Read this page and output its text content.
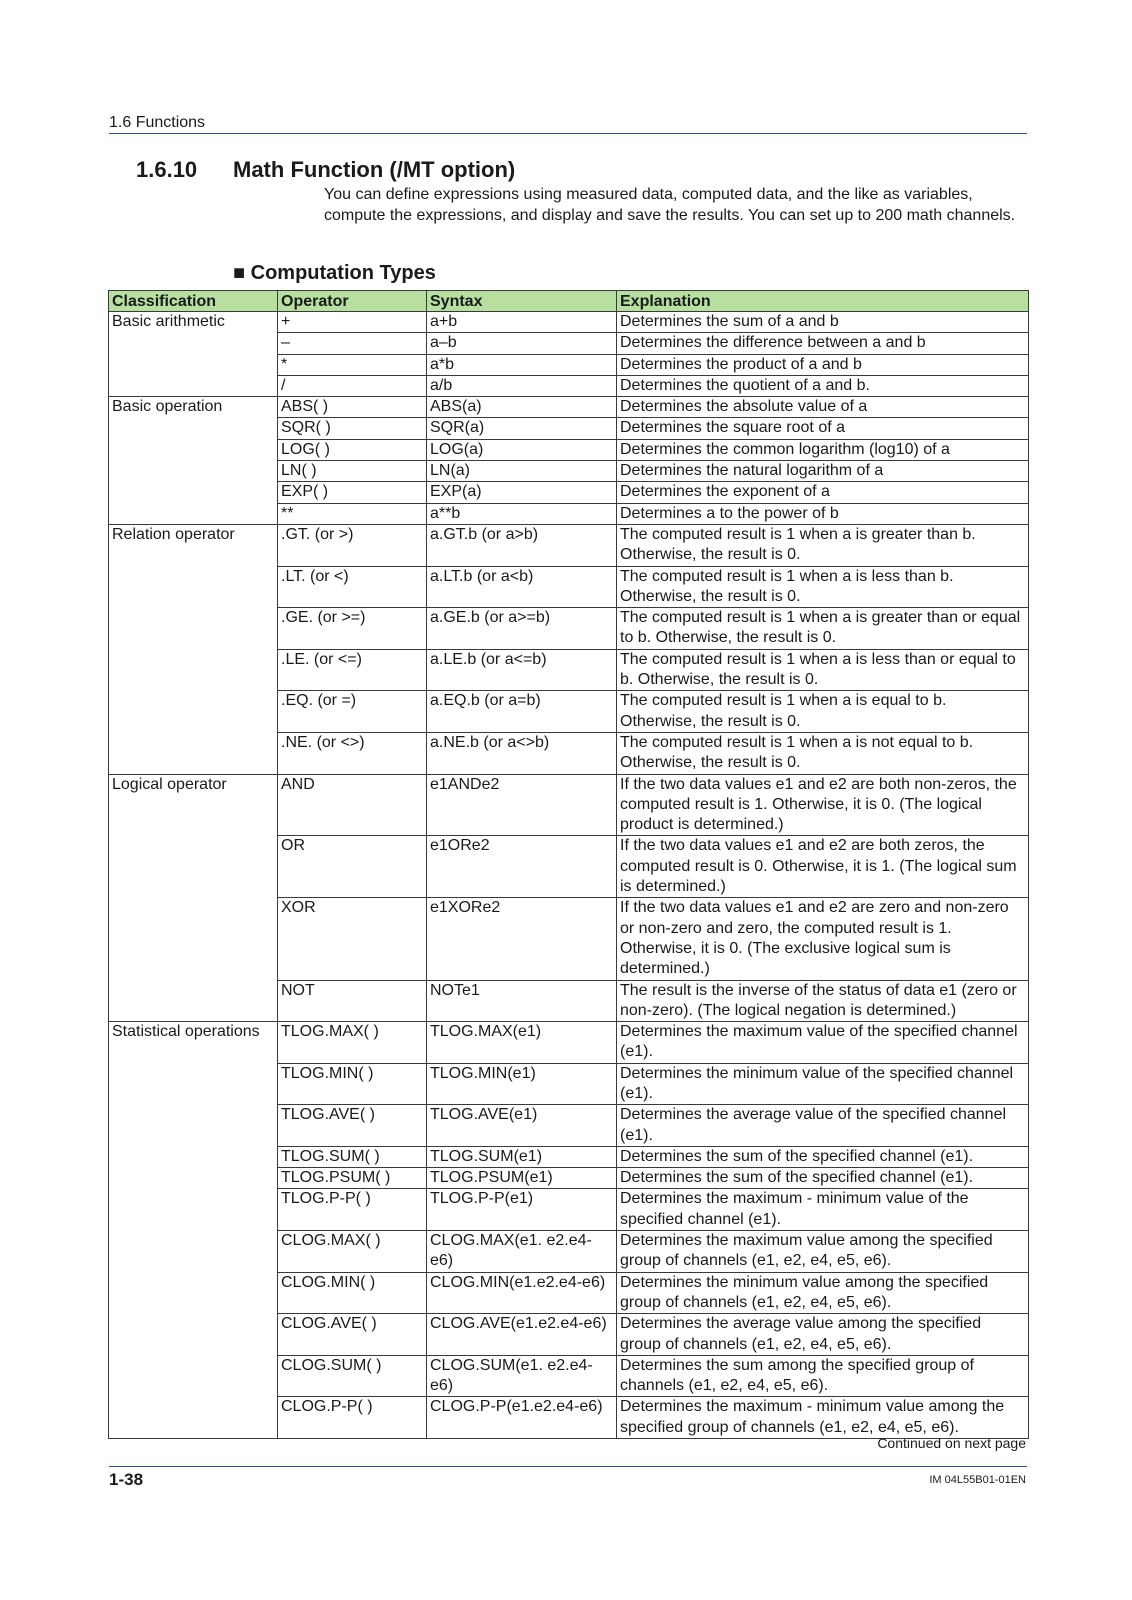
1.6 Functions
1.6.10 Math Function (/MT option)
You can define expressions using measured data, computed data, and the like as variables, compute the expressions, and display and save the results. You can set up to 200 math channels.
■ Computation Types
Classification	Operator	Syntax	Explanation
Basic arithmetic	+	a+b	Determines the sum of a and b
	–	a–b	Determines the difference between a and b
	*	a*b	Determines the product of a and b
	/	a/b	Determines the quotient of a and b.
Basic operation	ABS( )	ABS(a)	Determines the absolute value of a
	SQR( )	SQR(a)	Determines the square root of a
	LOG( )	LOG(a)	Determines the common logarithm (log10) of a
	LN( )	LN(a)	Determines the natural logarithm of a
	EXP( )	EXP(a)	Determines the exponent of a
	**	a**b	Determines a to the power of b
Relation operator	.GT. (or >)	a.GT.b (or a>b)	The computed result is 1 when a is greater than b. Otherwise, the result is 0.
	.LT. (or <)	a.LT.b (or a<b)	The computed result is 1 when a is less than b. Otherwise, the result is 0.
	.GE. (or >=)	a.GE.b (or a>=b)	The computed result is 1 when a is greater than or equal to b. Otherwise, the result is 0.
	.LE. (or <=)	a.LE.b (or a<=b)	The computed result is 1 when a is less than or equal to b. Otherwise, the result is 0.
	.EQ. (or =)	a.EQ.b (or a=b)	The computed result is 1 when a is equal to b. Otherwise, the result is 0.
	.NE. (or <>)	a.NE.b (or a<>b)	The computed result is 1 when a is not equal to b. Otherwise, the result is 0.
Logical operator	AND	e1ANDe2	If the two data values e1 and e2 are both non-zeros, the computed result is 1. Otherwise, it is 0. (The logical product is determined.)
	OR	e1ORe2	If the two data values e1 and e2 are both zeros, the computed result is 0. Otherwise, it is 1. (The logical sum is determined.)
	XOR	e1XORe2	If the two data values e1 and e2 are zero and non-zero or non-zero and zero, the computed result is 1. Otherwise, it is 0. (The exclusive logical sum is determined.)
	NOT	NOTe1	The result is the inverse of the status of data e1 (zero or non-zero). (The logical negation is determined.)
Statistical operations	TLOG.MAX( )	TLOG.MAX(e1)	Determines the maximum value of the specified channel (e1).
	TLOG.MIN( )	TLOG.MIN(e1)	Determines the minimum value of the specified channel (e1).
	TLOG.AVE( )	TLOG.AVE(e1)	Determines the average value of the specified channel (e1).
	TLOG.SUM( )	TLOG.SUM(e1)	Determines the sum of the specified channel (e1).
	TLOG.PSUM( )	TLOG.PSUM(e1)	Determines the sum of the specified channel (e1).
	TLOG.P-P( )	TLOG.P-P(e1)	Determines the maximum - minimum value of the specified channel (e1).
	CLOG.MAX( )	CLOG.MAX(e1. e2.e4-e6)	Determines the maximum value among the specified group of channels (e1, e2, e4, e5, e6).
	CLOG.MIN( )	CLOG.MIN(e1.e2.e4-e6)	Determines the minimum value among the specified group of channels (e1, e2, e4, e5, e6).
	CLOG.AVE( )	CLOG.AVE(e1.e2.e4-e6)	Determines the average value among the specified group of channels (e1, e2, e4, e5, e6).
	CLOG.SUM( )	CLOG.SUM(e1. e2.e4-e6)	Determines the sum among the specified group of channels (e1, e2, e4, e5, e6).
	CLOG.P-P( )	CLOG.P-P(e1.e2.e4-e6)	Determines the maximum - minimum value among the specified group of channels (e1, e2, e4, e5, e6).
Continued on next page
1-38	IM 04L55B01-01EN
